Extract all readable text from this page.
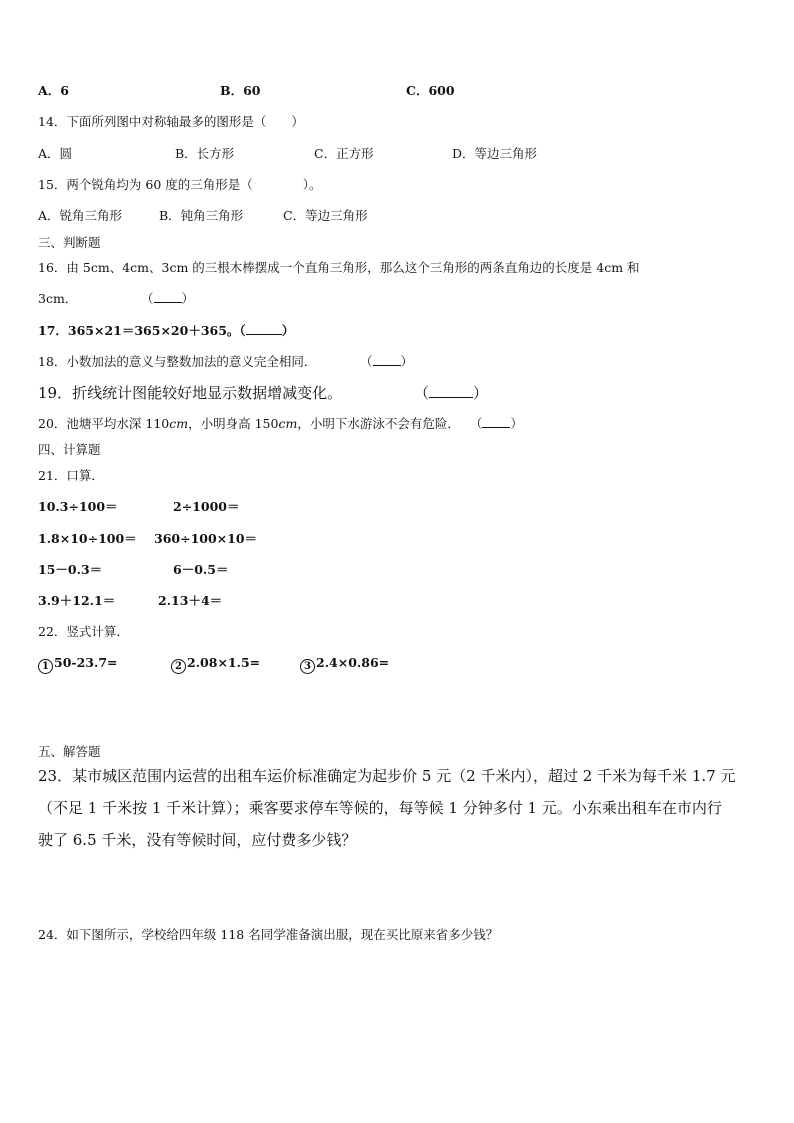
A．6	B．60	C．600
14．下面所列图中对称轴最多的图形是（　　）
A．圆	B．长方形	C．正方形	D．等边三角形
15．两个锐角均为 60 度的三角形是（　　　　）。
A．锐角三角形	B．钝角三角形	C．等边三角形
三、判断题
16．由 5cm、4cm、3cm 的三根木棒摆成一个直角三角形，那么这个三角形的两条直角边的长度是 4cm 和
3cm．	（ ）
17．365×21＝365×20＋365。（	）
18．小数加法的意义与整数加法的意义完全相同．	（ ）
19．折线统计图能较好地显示数据增减变化。	（	）
20．池塘平均水深 110cm，小明身高 150cm，小明下水游泳不会有危险． （ ）
四、计算题
21．口算．
10.3÷100＝	2÷1000＝
1.8×10÷100＝ 360÷100×10＝
15－0.3＝	6－0.5＝
3.9＋12.1＝	2.13＋4＝
22．竖式计算．
1 50-23.7=	2 2.08×1.5=	3 2.4×0.86=
五、解答题
23．某市城区范围内运营的出租车运价标准确定为起步价 5 元（2 千米内），超过 2 千米为每千米 1.7 元
（不足 1 千米按 1 千米计算）；乘客要求停车等候的，每等候 1 分钟多付 1 元。小东乘出租车在市内行
驶了 6.5 千米，没有等候时间，应付费多少钱？
24．如下图所示，学校给四年级 118 名同学准备演出服，现在买比原来省多少钱？
